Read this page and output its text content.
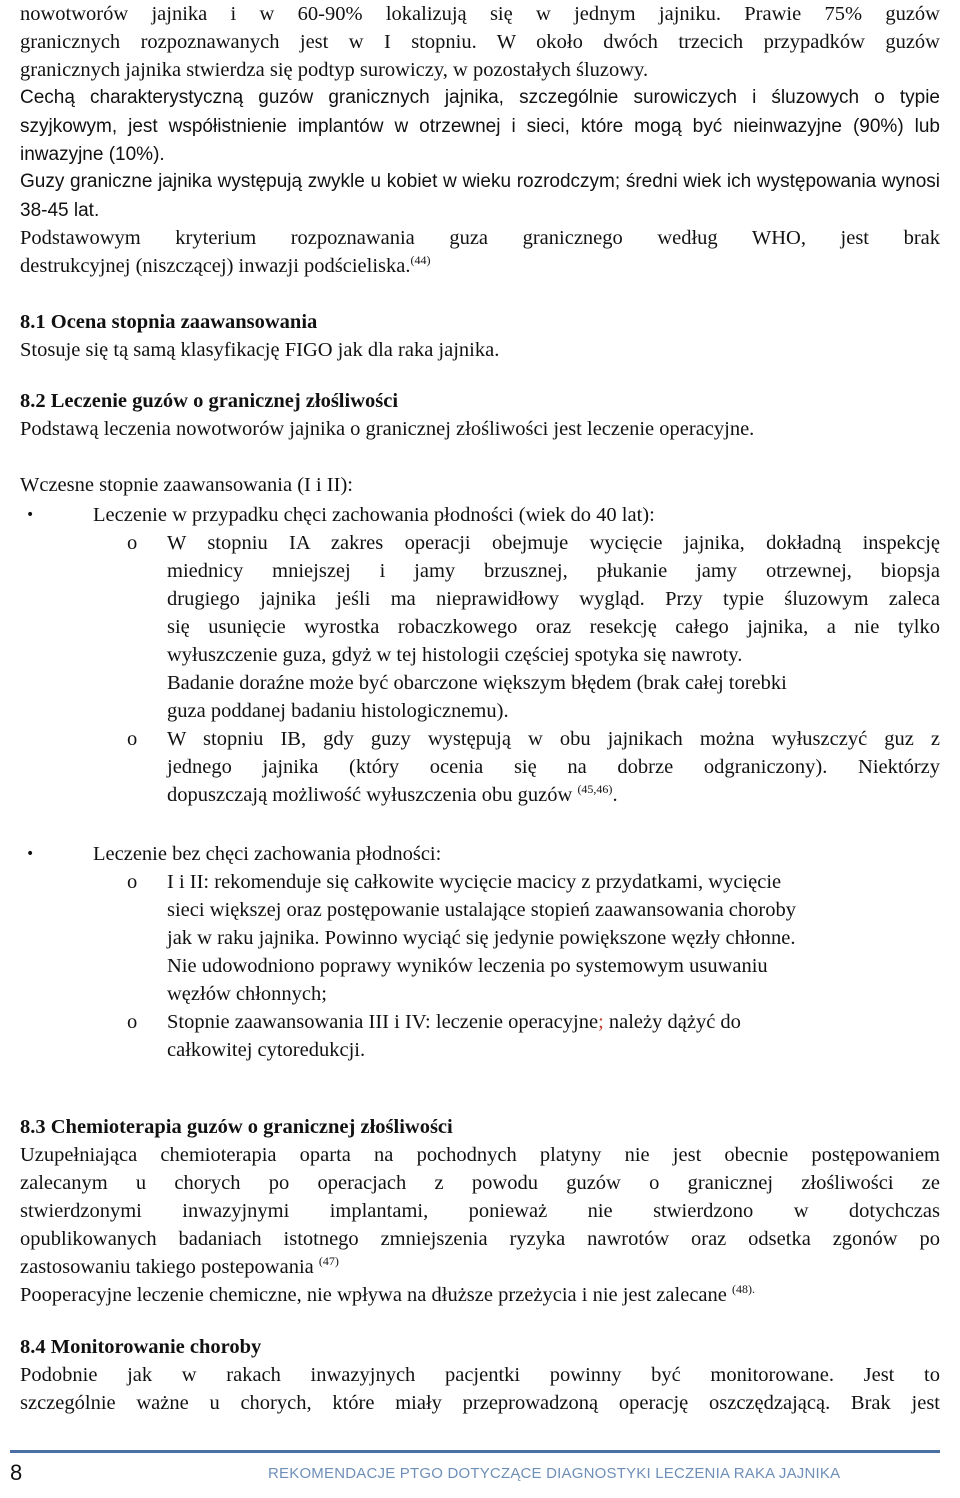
nowotworów jajnika i w 60-90% lokalizują się w jednym jajniku. Prawie 75% guzów
granicznych rozpoznawanych jest w I stopniu. W około dwóch trzecich przypadków guzów
granicznych jajnika stwierdza się podtyp surowiczy, w pozostałych śluzowy.
Cechą charakterystyczną guzów granicznych jajnika, szczególnie surowiczych i śluzowych o typie szyjkowym, jest współistnienie implantów w otrzewnej i sieci, które mogą być nieinwazyjne (90%) lub inwazyjne (10%).
Guzy graniczne jajnika występują zwykle u kobiet w wieku rozrodczym; średni wiek ich występowania wynosi 38-45 lat.
Podstawowym kryterium rozpoznawania guza granicznego według WHO, jest brak
destrukcyjnej (niszczącej) inwazji podścieliska.$^{(44)}$
8.1 Ocena stopnia zaawansowania
Stosuje się tą samą klasyfikację FIGO jak dla raka jajnika.
8.2 Leczenie guzów o granicznej złośliwości
Podstawą leczenia nowotworów jajnika o granicznej złośliwości jest leczenie operacyjne.
Wczesne stopnie zaawansowania (I i II):
•	Leczenie w przypadku chęci zachowania płodności (wiek do 40 lat):
o W stopniu IA zakres operacji obejmuje wycięcie jajnika, dokładną inspekcję
miednicy mniejszej i jamy brzusznej, płukanie jamy otrzewnej, biopsja
drugiego jajnika jeśli ma nieprawidłowy wygląd. Przy typie śluzowym zaleca
się usunięcie wyrostka robaczkowego oraz resekcję całego jajnika, a nie tylko
wyłuszczenie guza, gdyż w tej histologii częściej spotyka się nawroty.
Badanie doraźne może być obarczone większym błędem (brak całej torebki
guza poddanej badaniu histologicznemu).
o W stopniu IB, gdy guzy występują w obu jajnikach można wyłuszczyć guz z
jednego jajnika (który ocenia się na dobrze odgraniczony). Niektórzy
dopuszczają możliwość wyłuszczenia obu guzów $^{(45,46)}$.
•	Leczenie bez chęci zachowania płodności:
o I i II: rekomenduje się całkowite wycięcie macicy z przydatkami, wycięcie
sieci większej oraz postępowanie ustalające stopień zaawansowania choroby
jak w raku jajnika. Powinno wyciąć się jedynie powiększone węzły chłonne.
Nie udowodniono poprawy wyników leczenia po systemowym usuwaniu
węzłów chłonnych;
o Stopnie zaawansowania III i IV: leczenie operacyjne; należy dążyć do
całkowitej cytoredukcji.
8.3 Chemioterapia guzów o granicznej złośliwości
Uzupełniająca chemioterapia oparta na pochodnych platyny nie jest obecnie postępowaniem
zalecanym u chorych po operacjach z powodu guzów o granicznej złośliwości ze
stwierdzonymi inwazyjnymi implantami, ponieważ nie stwierdzono w dotychczas
opublikowanych badaniach istotnego zmniejszenia ryzyka nawrotów oraz odsetka zgonów po
zastosowaniu takiego postepowania $^{(47)}$
Pooperacyjne leczenie chemiczne, nie wpływa na dłuższe przeżycia i nie jest zalecane $^{(48).}$
8.4 Monitorowanie choroby
Podobnie jak w rakach inwazyjnych pacjentki powinny być monitorowane. Jest to
szczególnie ważne u chorych, które miały przeprowadzoną operację oszczędzającą. Brak jest
8	REKOMENDACJE PTGO DOTYCZĄCE DIAGNOSTYKI LECZENIA RAKA JAJNIKA
